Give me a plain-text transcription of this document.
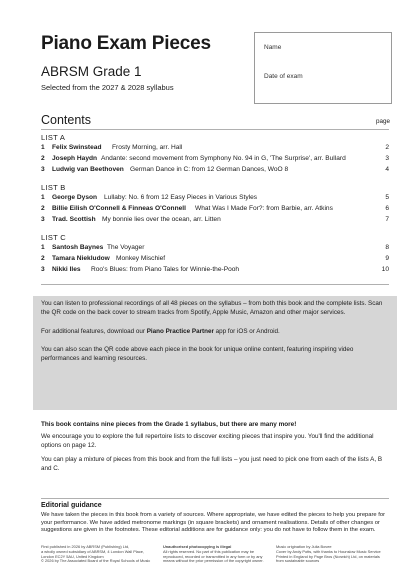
Piano Exam Pieces
ABRSM Grade 1
Selected from the 2027 & 2028 syllabus
Name
Date of exam
Contents	page
LIST A
1 Felix Swinstead Frosty Morning, arr. Hall	2
2 Joseph Haydn Andante: second movement from Symphony No. 94 in G, 'The Surprise', arr. Bullard	3
3 Ludwig van Beethoven German Dance in C: from 12 German Dances, WoO 8	4
LIST B
1 George Dyson Lullaby: No. 6 from 12 Easy Pieces in Various Styles	5
2 Billie Eilish O'Connell & Finneas O'Connell What Was I Made For?: from Barbie, arr. Atkins	6
3 Trad. Scottish My bonnie lies over the ocean, arr. Litten	7
LIST C
1 Santosh Baynes The Voyager	8
2 Tamara Niekludow Monkey Mischief	9
3 Nikki Iles Roo's Blues: from Piano Tales for Winnie-the-Pooh	10
You can listen to professional recordings of all 48 pieces on the syllabus – from both this book and the complete lists. Scan the QR code on the back cover to stream tracks from Spotify, Apple Music, Amazon and other major services.
For additional features, download our Piano Practice Partner app for iOS or Android.
You can also scan the QR code above each piece in the book for unique online content, featuring inspiring video performances and learning resources.
This book contains nine pieces from the Grade 1 syllabus, but there are many more!
We encourage you to explore the full repertoire lists to discover exciting pieces that inspire you. You'll find the additional options on page 12.
You can play a mixture of pieces from this book and from the full lists – you just need to pick one from each of the lists A, B and C.
Editorial guidance
We have taken the pieces in this book from a variety of sources. Where appropriate, we have edited the pieces to help you prepare for your performance. We have added metronome markings (in square brackets) and ornament realisations. Details of other changes or suggestions are given in the footnotes. These editorial additions are for guidance only: you do not have to follow them in the exam.
First published in 2026 by ABRSM (Publishing) Ltd,
a wholly owned subsidiary of ABRSM, 4 London Wall Place,
London EC2Y 5AU, United Kingdom
© 2026 by The Associated Board of the Royal Schools of Music
Unauthorised photocopying is illegal
All rights reserved. No part of this publication may be
reproduced, recorded or transmitted in any form or by any
means without the prior permission of the copyright owner.
Music origination by Julia Bovee
Cover by Andy Potts, with thanks to Hounslow Music Service
Printed in England by Page Bros (Norwich) Ltd, on materials
from sustainable sources
